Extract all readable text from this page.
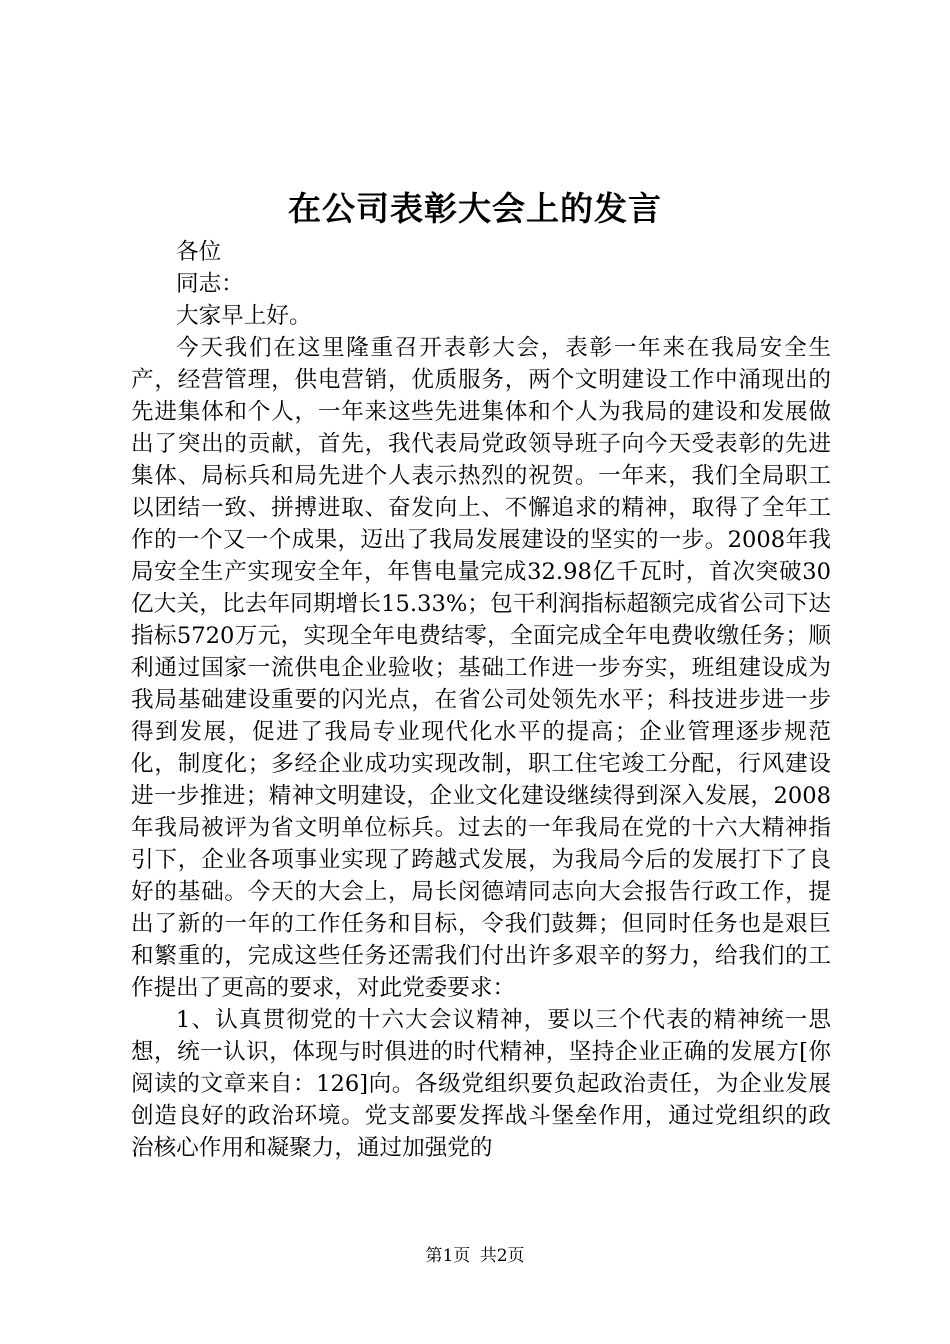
在公司表彰大会上的发言

各位

同志：

大家早上好。

今天我们在这里隆重召开表彰大会，表彰一年来在我局安全生产，经营管理，供电营销，优质服务，两个文明建设工作中涌现出的先进集体和个人，一年来这些先进集体和个人为我局的建设和发展做出了突出的贡献，首先，我代表局党政领导班子向今天受表彰的先进集体、局标兵和局先进个人表示热烈的祝贺。一年来，我们全局职工以团结一致、拼搏进取、奋发向上、不懈追求的精神，取得了全年工作的一个又一个成果，迈出了我局发展建设的坚实的一步。2008年我局安全生产实现安全年，年售电量完成32.98亿千瓦时，首次突破30亿大关，比去年同期增长15.33%；包干利润指标超额完成省公司下达指标5720万元，实现全年电费结零，全面完成全年电费收缴任务；顺利通过国家一流供电企业验收；基础工作进一步夯实，班组建设成为我局基础建设重要的闪光点，在省公司处领先水平；科技进步进一步得到发展，促进了我局专业现代化水平的提高；企业管理逐步规范化，制度化；多经企业成功实现改制，职工住宅竣工分配，行风建设进一步推进；精神文明建设，企业文化建设继续得到深入发展，2008年我局被评为省文明单位标兵。过去的一年我局在党的十六大精神指引下，企业各项事业实现了跨越式发展，为我局今后的发展打下了良好的基础。今天的大会上，局长闵德靖同志向大会报告行政工作，提出了新的一年的工作任务和目标，令我们鼓舞；但同时任务也是艰巨和繁重的，完成这些任务还需我们付出许多艰辛的努力，给我们的工作提出了更高的要求，对此党委要求：

1、认真贯彻党的十六大会议精神，要以三个代表的精神统一思想，统一认识，体现与时俱进的时代精神，坚持企业正确的发展方[你阅读的文章来自：126]向。各级党组织要负起政治责任，为企业发展创造良好的政治环境。党支部要发挥战斗堡垒作用，通过党组织的政治核心作用和凝聚力，通过加强党的

第1页 共2页
